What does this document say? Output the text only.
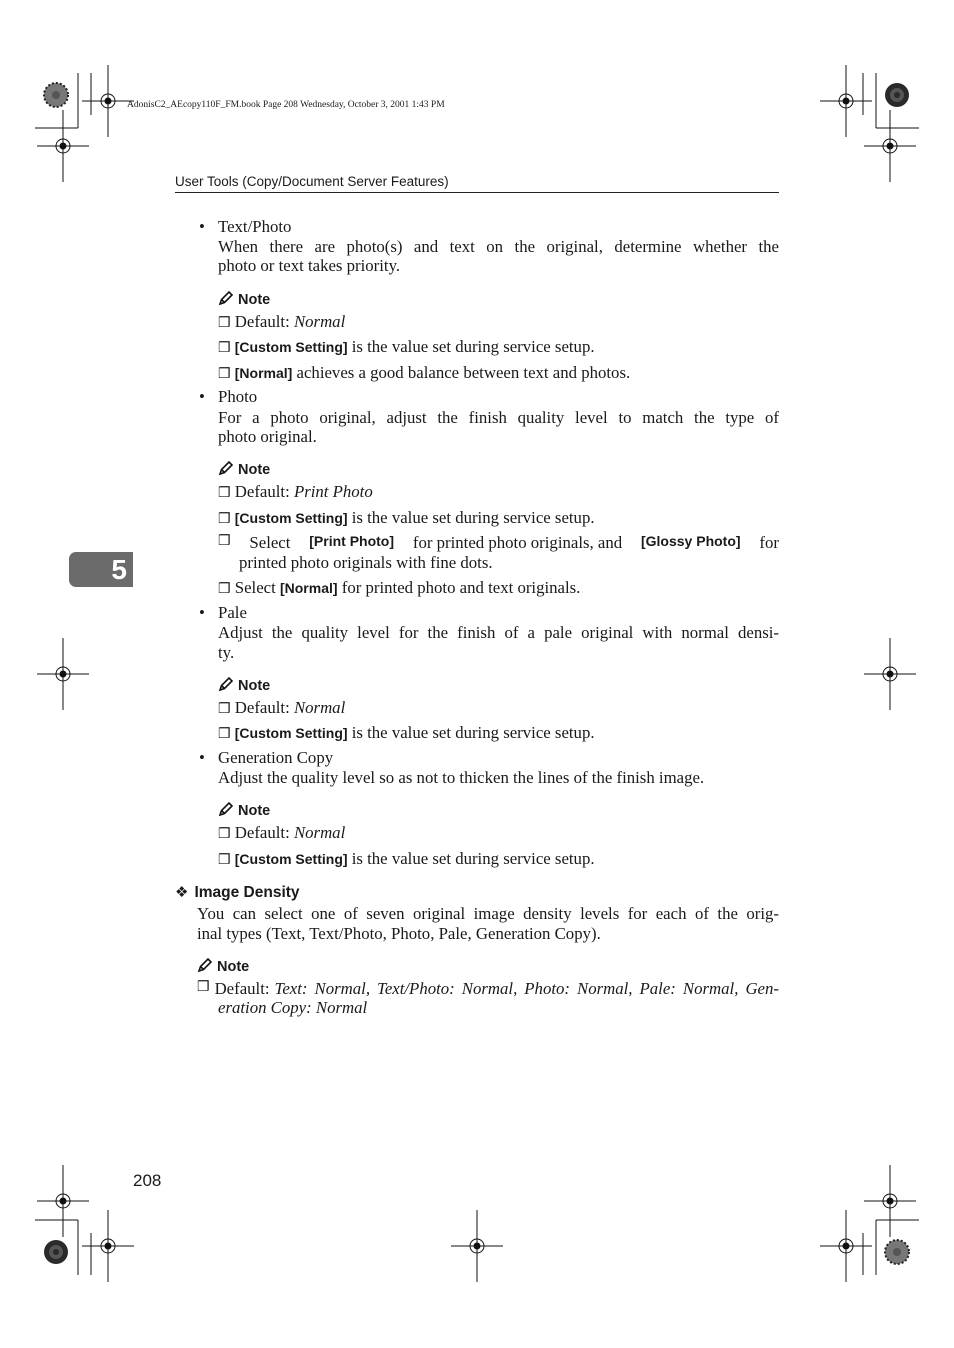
AdonisC2_AEcopy110F_FM.book Page 208 Wednesday, October 3, 2001 1:43 PM
User Tools (Copy/Document Server Features)
5
• Text/Photo

When there are photo(s) and text on the original, determine whether the

photo or text takes priority.

Note
❒ Default: Normal
❒ [Custom Setting] is the value set during service setup.
❒ [Normal] achieves a good balance between text and photos.
• Photo

For a photo original, adjust the finish quality level to match the type of

photo original.

Note
❒ Default: Print Photo
❒ [Custom Setting] is the value set during service setup.
❒ Select [Print Photo] for printed photo originals, and [Glossy Photo] for
printed photo originals with fine dots.
❒ Select [Normal] for printed photo and text originals.
• Pale

Adjust the quality level for the finish of a pale original with normal densi-

ty.

Note
❒ Default: Normal
❒ [Custom Setting] is the value set during service setup.
• Generation Copy

Adjust the quality level so as not to thicken the lines of the finish image.

Note
❒ Default: Normal
❒ [Custom Setting] is the value set during service setup.
❖ Image Density

You can select one of seven original image density levels for each of the orig-

inal types (Text, Text/Photo, Photo, Pale, Generation Copy).

Note
❒ Default: Text: Normal, Text/Photo: Normal, Photo: Normal, Pale: Normal, Gen-
eration Copy: Normal
208
